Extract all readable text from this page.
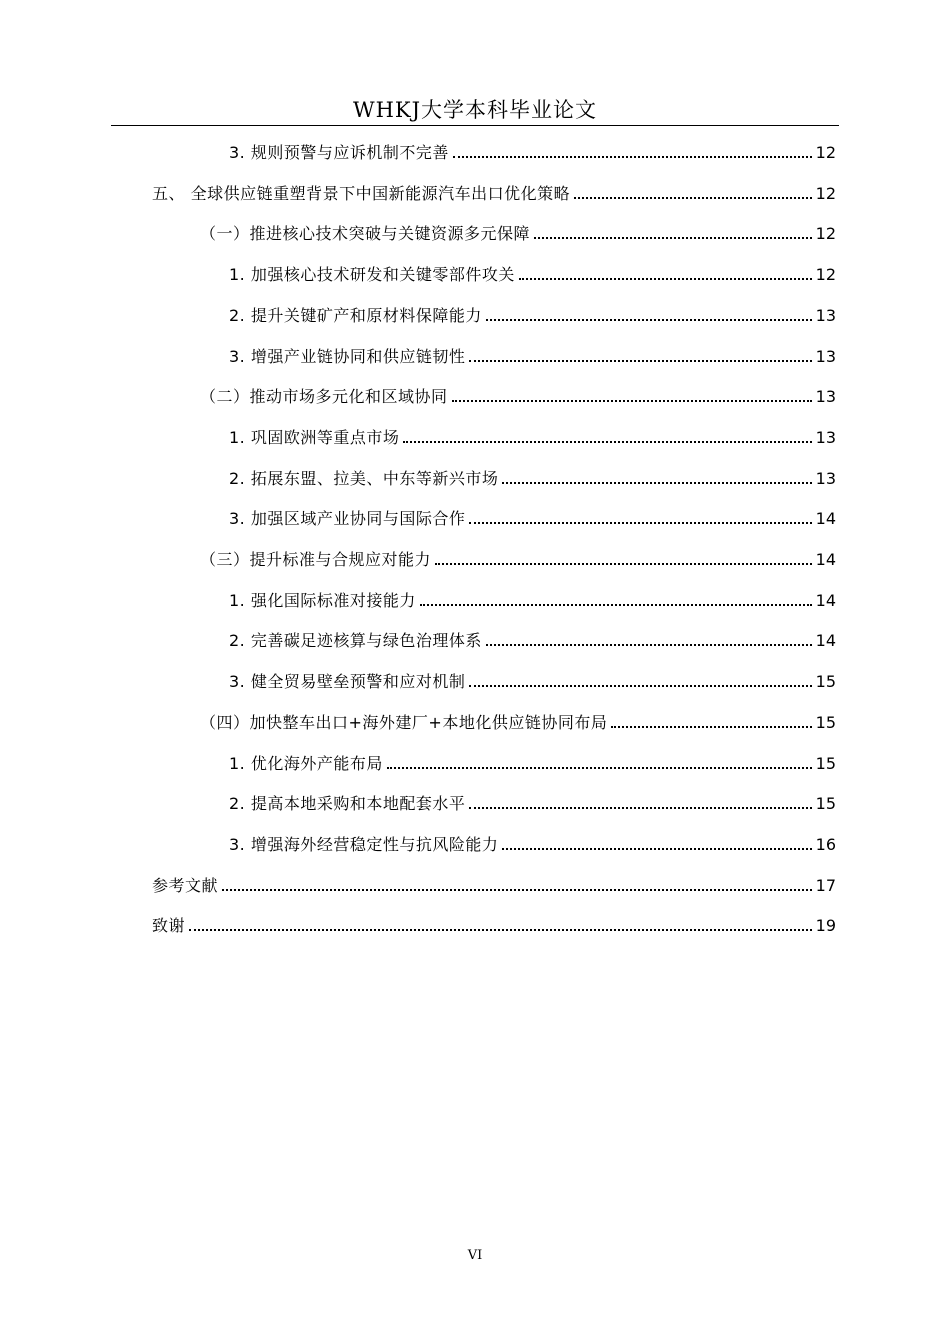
WHKJ大学本科毕业论文
3. 规则预警与应诉机制不完善	12
五、 全球供应链重塑背景下中国新能源汽车出口优化策略	12
（一）推进核心技术突破与关键资源多元保障	12
1. 加强核心技术研发和关键零部件攻关	12
2. 提升关键矿产和原材料保障能力	13
3. 增强产业链协同和供应链韧性	13
（二）推动市场多元化和区域协同	13
1. 巩固欧洲等重点市场	13
2. 拓展东盟、拉美、中东等新兴市场	13
3. 加强区域产业协同与国际合作	14
（三）提升标准与合规应对能力	14
1. 强化国际标准对接能力	14
2. 完善碳足迹核算与绿色治理体系	14
3. 健全贸易壁垒预警和应对机制	15
（四）加快整车出口+海外建厂+本地化供应链协同布局	15
1. 优化海外产能布局	15
2. 提高本地采购和本地配套水平	15
3. 增强海外经营稳定性与抗风险能力	16
参考文献	17
致谢	19
VI
